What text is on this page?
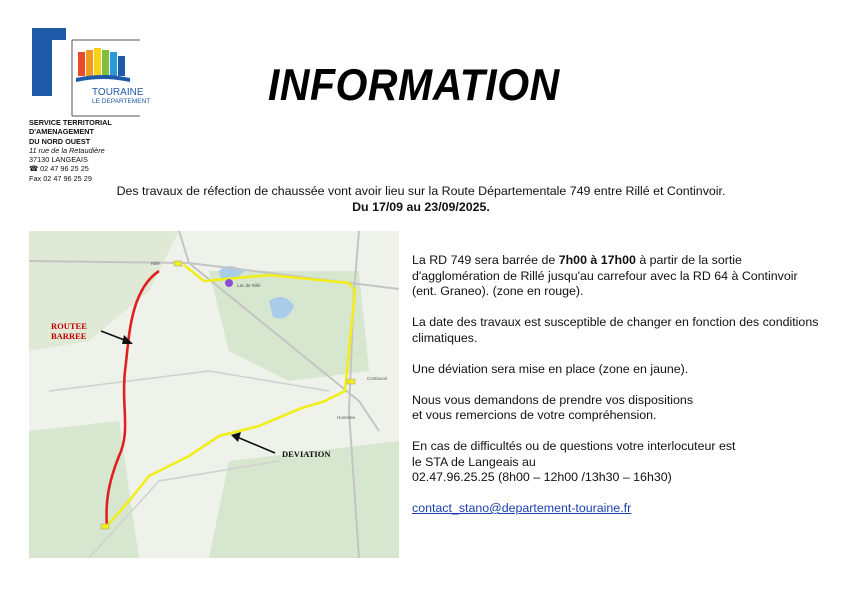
TOURAINE
LE DEPARTEMENT
SERVICE TERRITORIAL
D'AMENAGEMENT
DU NORD OUEST
11 rue de la Retaudière
37130 LANGEAIS
☎ 02 47 96 25 25
Fax 02 47 96 25 29
INFORMATION
Des travaux de réfection de chaussée vont avoir lieu sur la Route Départementale 749 entre Rillé et Continvoir.
Du 17/09 au 23/09/2025.
ROUTEE
BARREE
DEVIATION
Rillé
Lac de Rillé
Continvoir
Hommes

La RD 749 sera barrée de 7h00 à 17h00 à partir de la sortie d'agglomération de Rillé jusqu'au carrefour avec la RD 64 à Continvoir (ent. Graneo). (zone en rouge).

La date des travaux est susceptible de changer en fonction des conditions climatiques.

Une déviation sera mise en place (zone en jaune).

Nous vous demandons de prendre vos dispositions
et vous remercions de votre compréhension.

En cas de difficultés ou de questions votre interlocuteur est
le STA de Langeais au
02.47.96.25.25 (8h00 – 12h00 /13h30 – 16h30)

contact_stano@departement-touraine.fr
